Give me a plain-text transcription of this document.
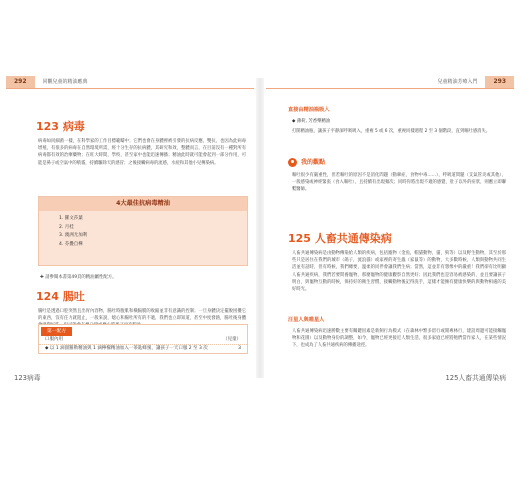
292	同觀兒童的精油應典
123 病毒
病毒如同細菌一樣，在科學家的工作目標範疇中；它們也會在身體裡被引發的抗病反應，雙抗，也因為此病毒增殖，有很多的病毒在自然環境所需，經十分生存的抗病體，其研究和效，整體而言，在目前沒有一種對所有病毒都有效的治療藥物；在旺大時間，學校，甚至家中也能迅速傳播；精油此時就可能會起到一部分作用，可能是鼻子或空氣中的噴霧，持續驅除天的感冒；之後接觸病毒的流感，水痘和其他小兒傳染病。
4大最佳抗病毒精油
1. 羅文莎葉
2. 月桂
3. 澳洲尤加利
4. 芬疊自樺
✚ 請參閱本書第49頁的精油屬性配方。
124 腸吐
腸吐是透過口腔突然且出胃內容物，腸吐時腹肌和橫膈膜的收縮並非有意識的控制；一旦身體決定擺脫困擾它的東西，沒有任力就阻止，一般來說，噁心和腸吐所有的不適，我們也立即知道，甚至中度發熱，腸吐後身體
第一配方
口服內用	（兒童）
◆ 以 1 滴甜羅勒精油與 1 滴檸檬精油加入一茶匙蜂蜜，讓孩子一天口服 2 至 3 次	3
123病毒
兒童精油芳療入門	293
直接由精油瓶吸入
◆ 薄荷, 芳香樂精油
打開精油瓶，讓孩子平靜深呼吸吸入，重複 5 或 6 次，重複同樣週程 2 至 3 個階段，直到嘔吐感消失。
我的觀點
嘔吐很少有嚴重性，但若嘔吐的原因不是消化問題（動暈症，食物中毒……），呼吸道問題（支氣管炎或其他），一般感染或神經緊張（食入嘔吐），且持續有出現頻次；同時你將出現不適的感覺，肚子以外的症狀，則應立即聯繫醫師。
125 人畜共通傳染病
人畜共通傳染病是由動物傳染給人類的疾病，包括寵物（金魚，帽貓動物，貓，狗等）以及野生動物，其至於那些只是居住在我們的城市（鴿子，流浪貓）或家裡的寄生蟲（家鼠等）的動物，大多數時候，人類與動物共同生活並有話時，但有時候，我們總要，溫柔的同伴會讓我們生病；當然，這並非有想像中的嚴重！我們卻有比明顯人畜共通疾病，我們若要問養寵物，那麼寵物的健康觀察自然更好；因此我們也是容易被感染的，並且要讓孩子明白，與寵物互動的時候，保持好的衛生習慣，接觸動物後記得洗手，這樣才能擁有健康快樂的與動物相處的美好時光。
汪星人與喵星人
人畜共通傳染病迅速勝數主要有關鍵因素是新飼行為模式（在森林中繁多留行或閒專林行，建設周邊可能接觸寵物和花園）以及動物身份的調整，如今，寵物已經更接近人類生活，很多家庭已經將牠們當作家人，在某些情況下，也成為了人畜共通疾病的傳播途徑。
125人畜共通傳染病
